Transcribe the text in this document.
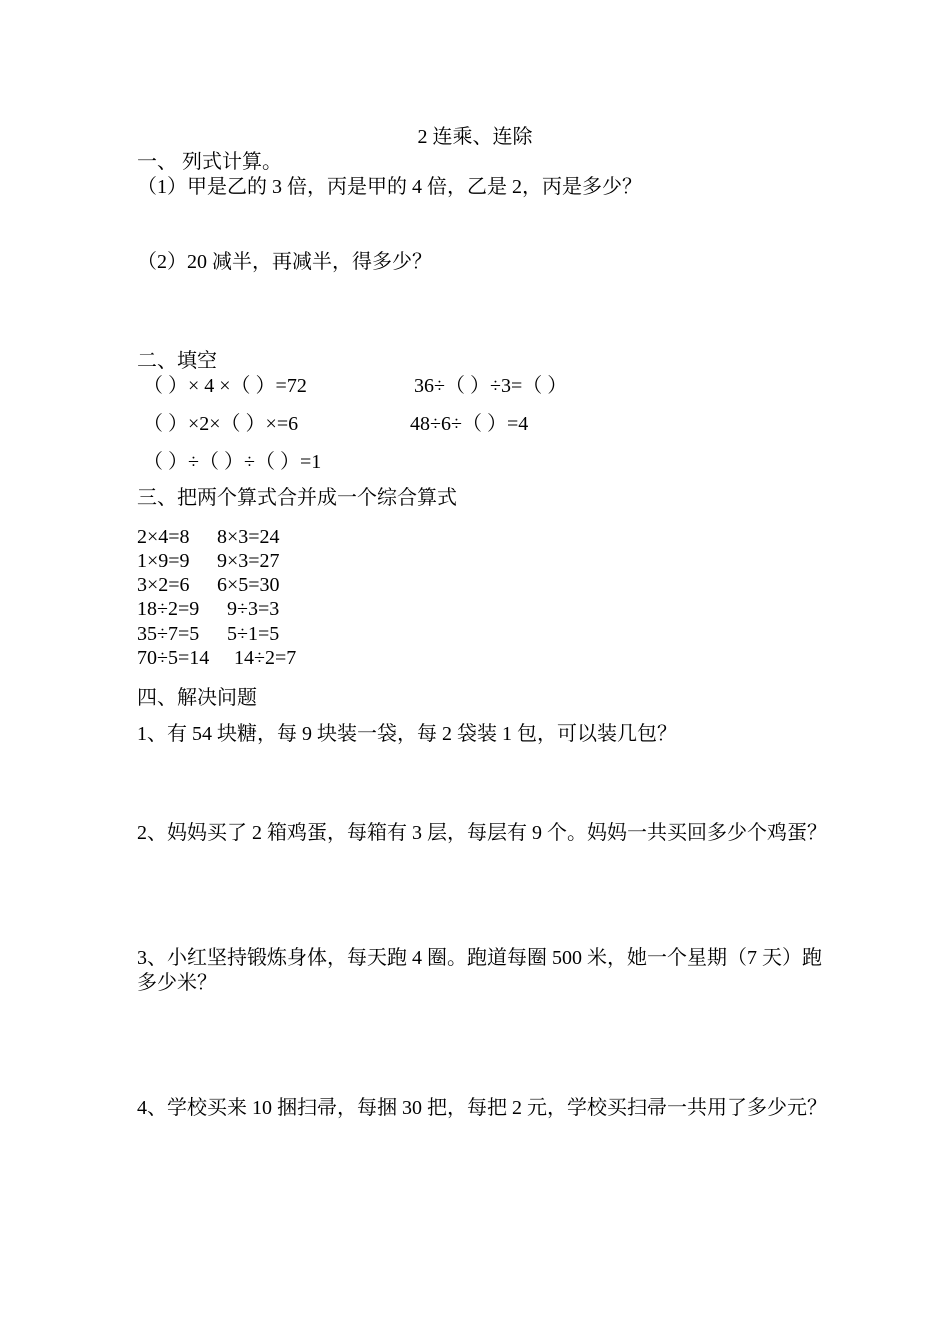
2 连乘、连除
一、 列式计算。
（1）甲是乙的 3 倍，丙是甲的 4 倍，乙是 2，丙是多少？
（2）20 减半，再减半，得多少？
二、填空
（ ）× 4 ×（ ）=72	36÷（ ）÷3=（ ）
（ ）×2×（ ）×=6	48÷6÷（ ）=4
（ ）÷（ ）÷（ ）=1
三、把两个算式合并成一个综合算式
2×4=8 8×3=24
1×9=9 9×3=27
3×2=6 6×5=30
18÷2=9 9÷3=3
35÷7=5 5÷1=5
70÷5=14 14÷2=7
四、解决问题
1、有 54 块糖，每 9 块装一袋，每 2 袋装 1 包，可以装几包？
2、妈妈买了 2 箱鸡蛋，每箱有 3 层，每层有 9 个。妈妈一共买回多少个鸡蛋？
3、小红坚持锻炼身体，每天跑 4 圈。跑道每圈 500 米，她一个星期（7 天）跑多少米？
4、学校买来 10 捆扫帚，每捆 30 把，每把 2 元，学校买扫帚一共用了多少元？
